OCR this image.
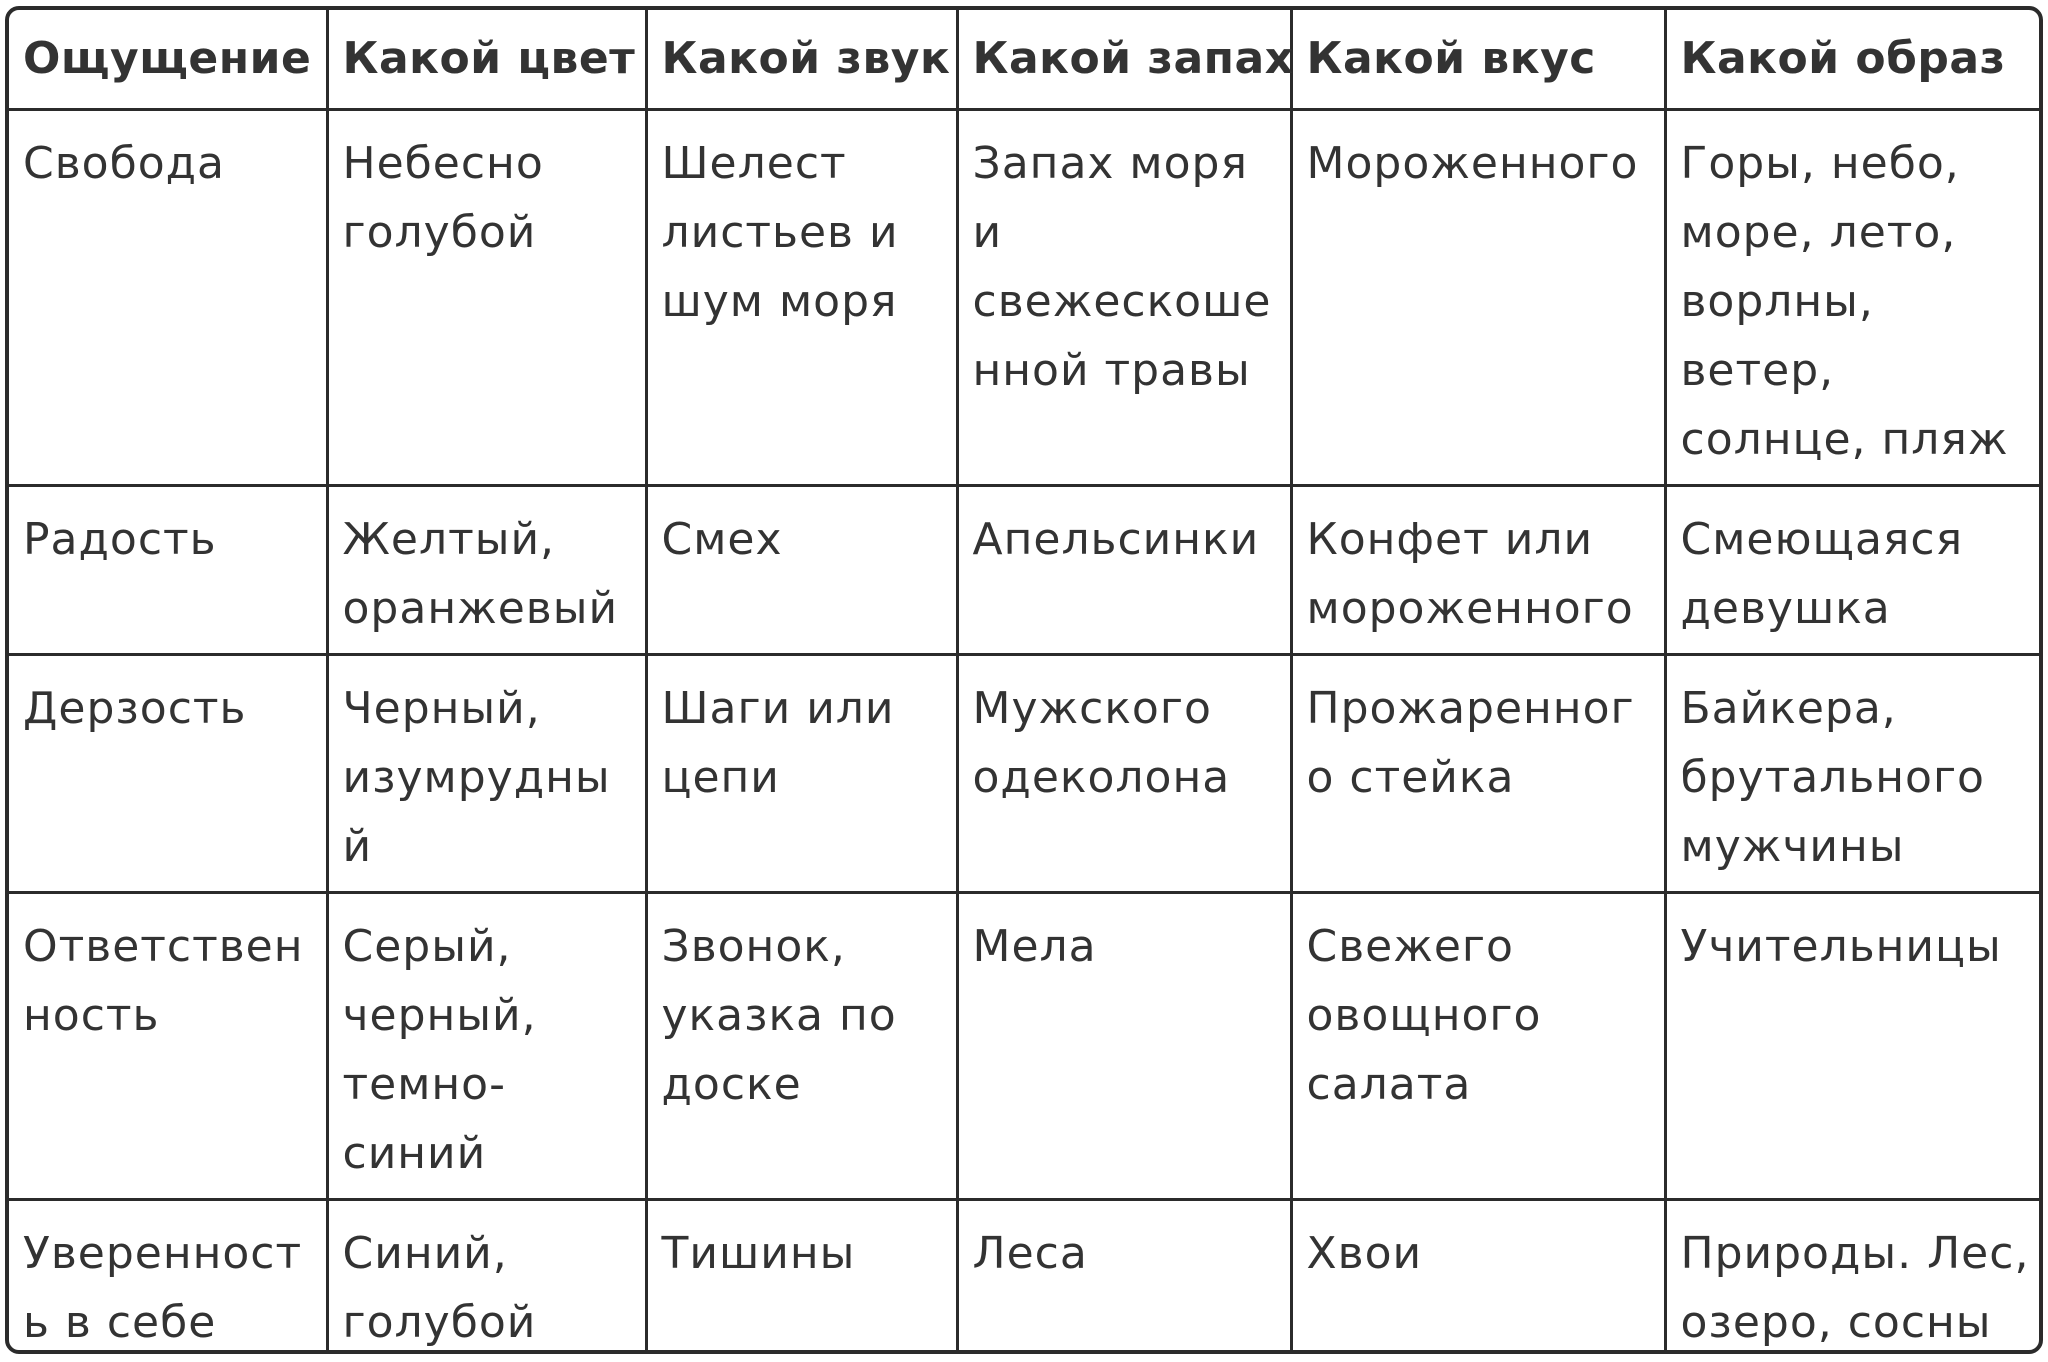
Ощущение	Какой цвет	Какой звук	Какой запах	Какой вкус	Какой образ
Свобода	Небесно голубой	Шелест листьев и шум моря	Запах моря и свежескошенной травы	Мороженного	Горы, небо, море, лето, ворлны, ветер, солнце, пляж
Радость	Желтый, оранжевый	Смех	Апельсинки	Конфет или мороженного	Смеющаяся девушка
Дерзость	Черный, изумрудный	Шаги или цепи	Мужского одеколона	Прожаренного стейка	Байкера, брутального мужчины
Ответственность	Серый, черный, темно-синий	Звонок, указка по доске	Мела	Свежего овощного салата	Учительницы
Уверенность в себе	Синий, голубой	Тишины	Леса	Хвои	Природы. Лес, озеро, сосны
